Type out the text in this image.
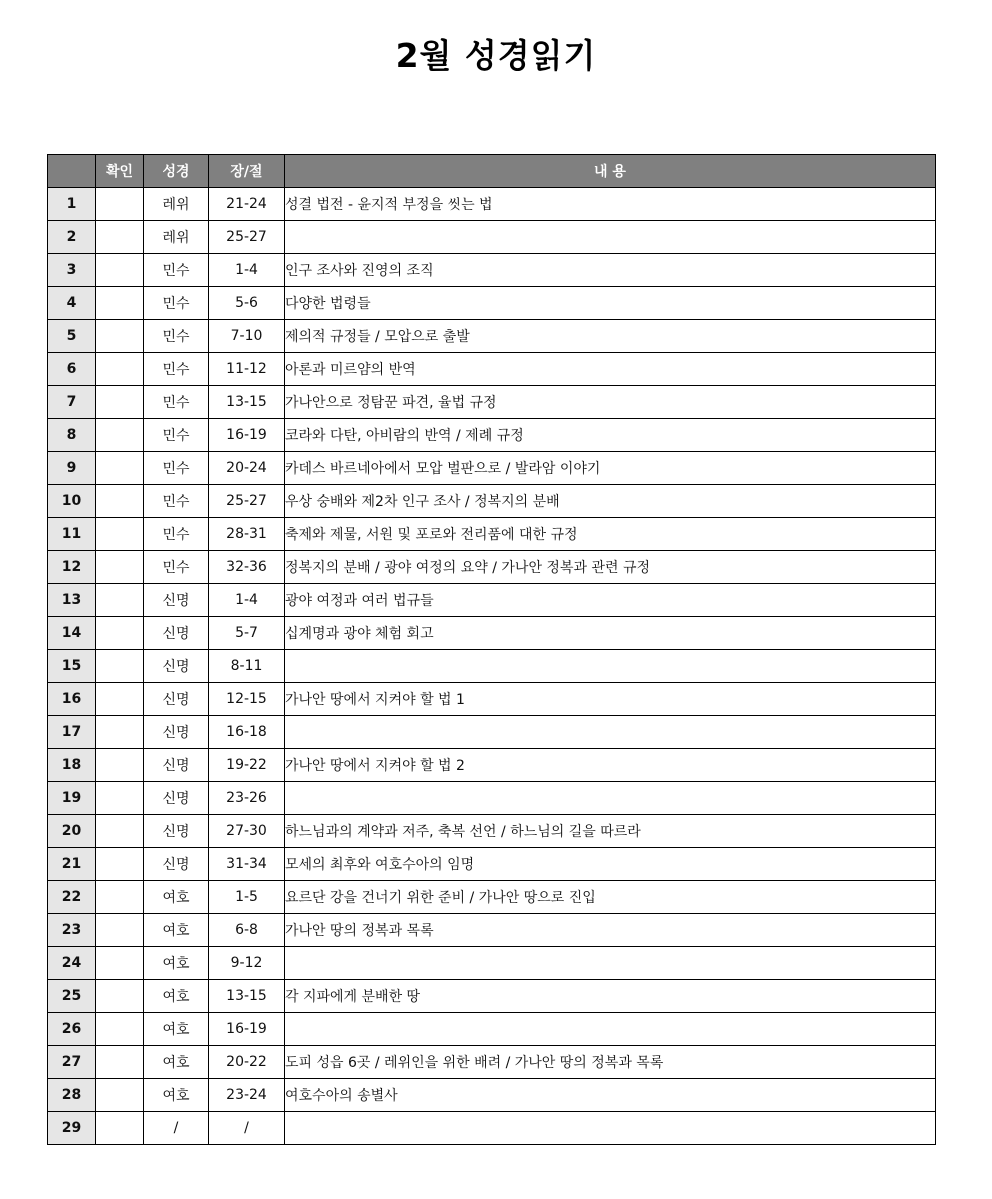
2월 성경읽기
	확인	성경	장/절	내 용
1		레위	21-24	성결 법전 - 윤지적 부정을 씻는 법
2		레위	25-27	
3		민수	1-4	인구 조사와 진영의 조직
4		민수	5-6	다양한 법령들
5		민수	7-10	제의적 규정들 / 모압으로 출발
6		민수	11-12	아론과 미르얌의 반역
7		민수	13-15	가나안으로 정탐꾼 파견, 율법 규정
8		민수	16-19	코라와 다탄, 아비람의 반역 / 제례 규정
9		민수	20-24	카데스 바르네아에서 모압 벌판으로 / 발라암 이야기
10		민수	25-27	우상 숭배와 제2차 인구 조사 / 정복지의 분배
11		민수	28-31	축제와 제물, 서원 및 포로와 전리품에 대한 규정
12		민수	32-36	정복지의 분배 / 광야 여정의 요약 / 가나안 정복과 관련 규정
13		신명	1-4	광야 여정과 여러 법규들
14		신명	5-7	십계명과 광야 체험 회고
15		신명	8-11	
16		신명	12-15	가나안 땅에서 지켜야 할 법 1
17		신명	16-18	
18		신명	19-22	가나안 땅에서 지켜야 할 법 2
19		신명	23-26	
20		신명	27-30	하느님과의 계약과 저주, 축복 선언 / 하느님의 길을 따르라
21		신명	31-34	모세의 최후와 여호수아의 임명
22		여호	1-5	요르단 강을 건너기 위한 준비 / 가나안 땅으로 진입
23		여호	6-8	가나안 땅의 정복과 목록
24		여호	9-12	
25		여호	13-15	각 지파에게 분배한 땅
26		여호	16-19	
27		여호	20-22	도피 성읍 6곳 / 레위인을 위한 배려 / 가나안 땅의 정복과 목록
28		여호	23-24	여호수아의 송별사
29		/	/	
